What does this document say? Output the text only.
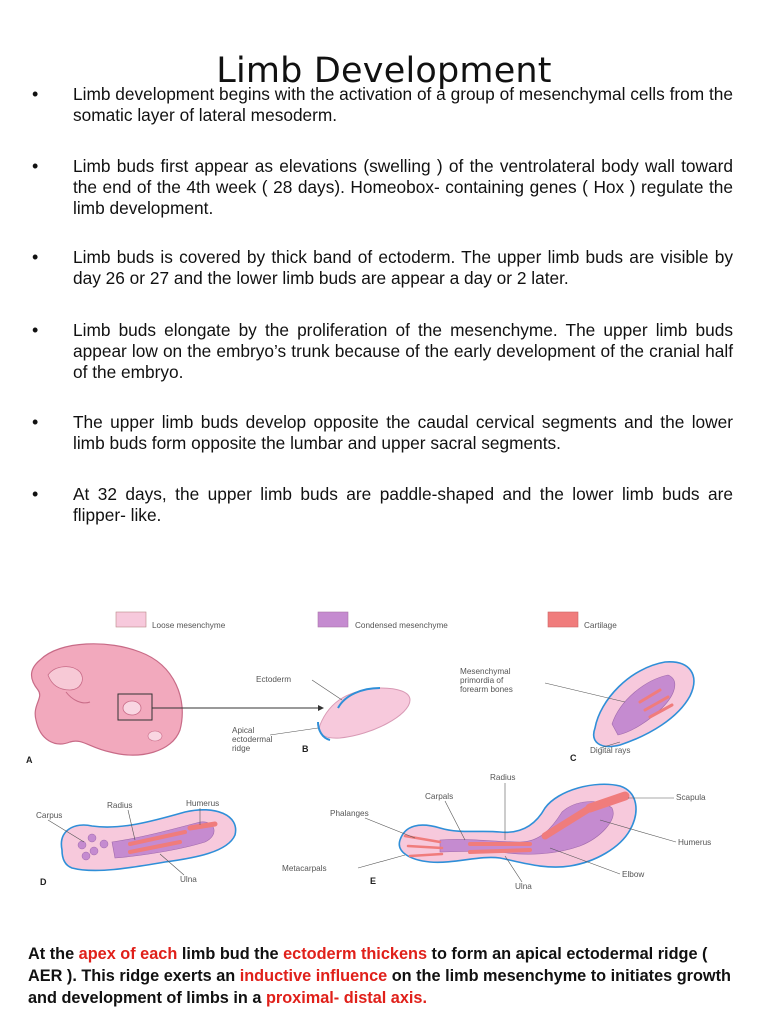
Limb Development
• Limb development begins with the activation of a group of mesenchymal cells from the somatic layer of lateral mesoderm.

• Limb buds first appear as elevations (swelling ) of the ventrolateral body wall toward the end of the 4th week ( 28 days). Homeobox- containing genes ( Hox ) regulate the limb development.

• Limb buds is covered by thick band of ectoderm. The upper limb buds are visible by day 26 or 27 and the lower limb buds are appear a day or 2 later.

• Limb buds elongate by the proliferation of the mesenchyme. The upper limb buds appear low on the embryo’s trunk because of the early development of the cranial half of the embryo.

• The upper limb buds develop opposite the caudal cervical segments and the lower limb buds form opposite the lumbar and upper sacral segments.

• At 32 days, the upper limb buds are paddle-shaped and the lower limb buds are flipper- like.

Loose mesenchyme	Condensed mesenchyme	Cartilage
A
Ectoderm
Apical
ectodermal
ridge	B
Mesenchymal
primordia of
forearm bones
Digital rays
C
Radius	Humerus
Carpus
Ulna
D
Carpals
Radius
Scapula
Phalanges
Humerus
Metacarpals
Elbow
Ulna
E

At the apex of each limb bud the ectoderm thickens to form an apical ectodermal ridge ( AER ). This ridge exerts an inductive influence on the limb mesenchyme to initiates growth and development of limbs in a proximal- distal axis.
